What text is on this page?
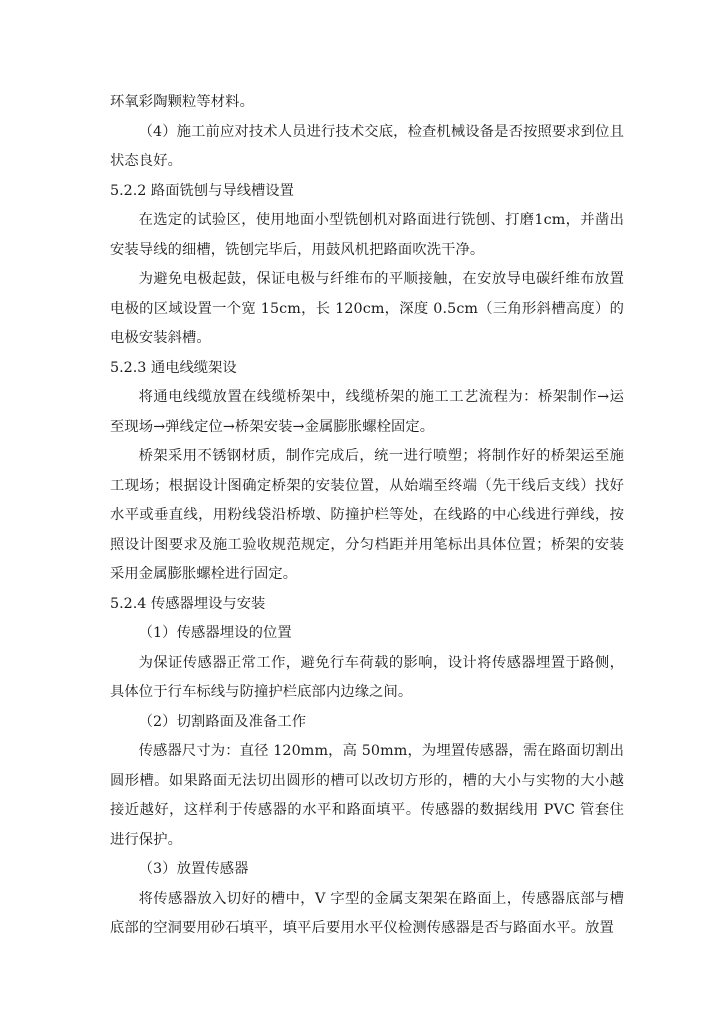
环氧彩陶颗粒等材料。

（4）施工前应对技术人员进行技术交底，检查机械设备是否按照要求到位且状态良好。

5.2.2 路面铣刨与导线槽设置

在选定的试验区，使用地面小型铣刨机对路面进行铣刨、打磨1cm，并凿出安装导线的细槽，铣刨完毕后，用鼓风机把路面吹洗干净。

为避免电极起鼓，保证电极与纤维布的平顺接触，在安放导电碳纤维布放置电极的区域设置一个宽 15cm，长 120cm，深度 0.5cm（三角形斜槽高度）的电极安装斜槽。

5.2.3 通电线缆架设

将通电线缆放置在线缆桥架中，线缆桥架的施工工艺流程为：桥架制作→运至现场→弹线定位→桥架安装→金属膨胀螺栓固定。

桥架采用不锈钢材质，制作完成后，统一进行喷塑；将制作好的桥架运至施工现场；根据设计图确定桥架的安装位置，从始端至终端（先干线后支线）找好水平或垂直线，用粉线袋沿桥墩、防撞护栏等处，在线路的中心线进行弹线，按照设计图要求及施工验收规范规定，分匀档距并用笔标出具体位置；桥架的安装采用金属膨胀螺栓进行固定。

5.2.4 传感器埋设与安装

（1）传感器埋设的位置

为保证传感器正常工作，避免行车荷载的影响，设计将传感器埋置于路侧，具体位于行车标线与防撞护栏底部内边缘之间。

（2）切割路面及准备工作

传感器尺寸为：直径 120mm，高 50mm，为埋置传感器，需在路面切割出圆形槽。如果路面无法切出圆形的槽可以改切方形的，槽的大小与实物的大小越接近越好，这样利于传感器的水平和路面填平。传感器的数据线用 PVC 管套住进行保护。

（3）放置传感器

将传感器放入切好的槽中，V 字型的金属支架架在路面上，传感器底部与槽底部的空洞要用砂石填平，填平后要用水平仪检测传感器是否与路面水平。放置
